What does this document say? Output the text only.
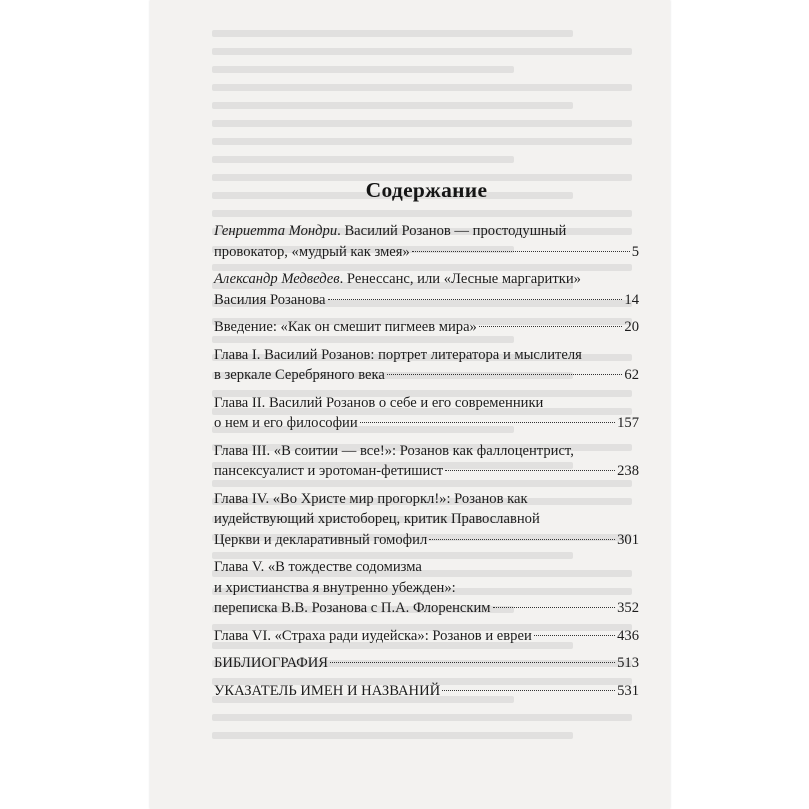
Содержание
Генриетта Мондри. Василий Розанов — простодушный
провокатор, «мудрый как змея»	5
Александр Медведев. Ренессанс, или «Лесные маргаритки»
Василия Розанова	14
Введение: «Как он смешит пигмеев мира»	20
Глава I. Василий Розанов: портрет литератора и мыслителя
в зеркале Серебряного века	62
Глава II. Василий Розанов о себе и его современники
о нем и его философии	157
Глава III. «В соитии — все!»: Розанов как фаллоцентрист,
пансексуалист и эротоман-фетишист	238
Глава IV. «Во Христе мир прогоркл!»: Розанов как
иудействующий христоборец, критик Православной
Церкви и декларативный гомофил	301
Глава V. «В тождестве содомизма
и христианства я внутренно убежден»:
переписка В.В. Розанова с П.А. Флоренским	352
Глава VI. «Страха ради иудейска»: Розанов и евреи	436
БИБЛИОГРАФИЯ	513
УКАЗАТЕЛЬ ИМЕН И НАЗВАНИЙ	531
